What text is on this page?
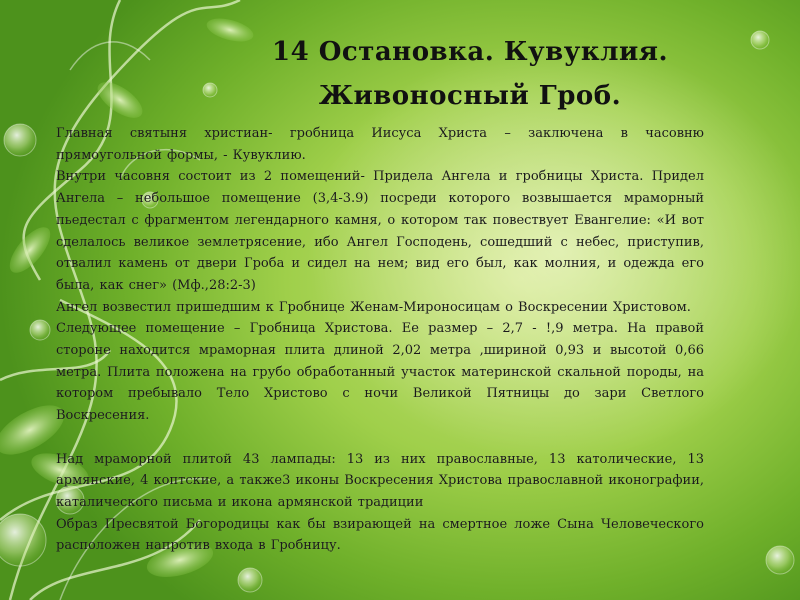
14 Остановка. Кувуклия.
Живоносный Гроб.

Главная святыня христиан- гробница Иисуса Христа – заключена в часовню прямоугольной формы, - Кувуклию.

Внутри часовня состоит из 2 помещений- Придела Ангела и гробницы Христа. Придел Ангела – небольшое помещение (3,4-3.9) посреди которого возвышается мраморный пьедестал с фрагментом легендарного камня, о котором так повествует Евангелие: «И вот сделалось великое землетрясение, ибо Ангел Господень, сошедший с небес, приступив, отвалил камень от двери Гроба и сидел на нем; вид его был, как молния, и одежда его была, как снег» (Мф.,28:2-3)

Ангел возвестил пришедшим к Гробнице Женам-Мироносицам о Воскресении Христовом.

Следующее помещение – Гробница Христова. Ее размер – 2,7 - !,9 метра. На правой стороне находится мраморная плита длиной 2,02 метра ,шириной 0,93 и высотой 0,66 метра. Плита положена на грубо обработанный участок материнской скальной породы, на котором пребывало Тело Христово с ночи Великой Пятницы до зари Светлого Воскресения.

Над мраморной плитой 43 лампады: 13 из них православные, 13 католические, 13 армянские, 4 коптские, а также3 иконы Воскресения Христова православной иконографии, каталического письма и икона армянской традиции

Образ Пресвятой Богородицы как бы взирающей на смертное ложе Сына Человеческого расположен напротив входа в Гробницу.
